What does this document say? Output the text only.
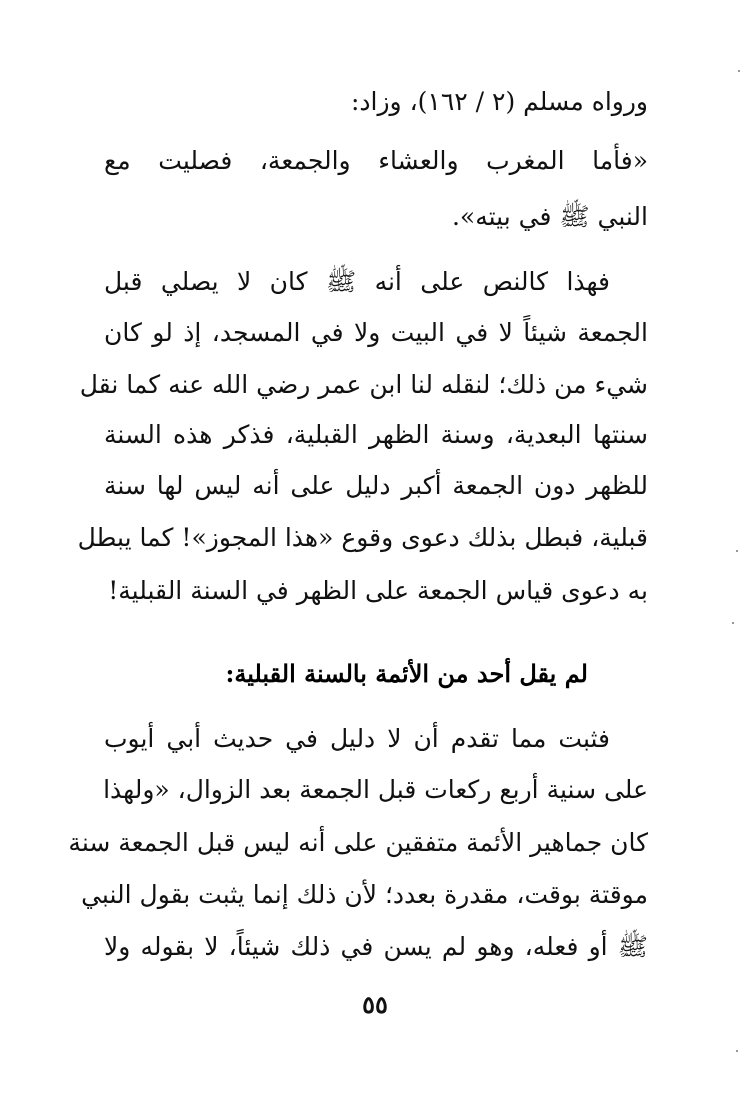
ورواه مسلم (٢ / ١٦٢)، وزاد:
«فأما المغرب والعشاء والجمعة، فصليت مع
النبي ﷺ في بيته».
فهذا كالنص على أنه ﷺ كان لا يصلي قبل
الجمعة شيئاً لا في البيت ولا في المسجد، إذ لو كان
شيء من ذلك؛ لنقله لنا ابن عمر رضي الله عنه كما نقل
سنتها البعدية، وسنة الظهر القبلية، فذكر هذه السنة
للظهر دون الجمعة أكبر دليل على أنه ليس لها سنة
قبلية، فبطل بذلك دعوى وقوع «هذا المجوز»! كما يبطل
به دعوى قياس الجمعة على الظهر في السنة القبلية!
لم يقل أحد من الأئمة بالسنة القبلية:
فثبت مما تقدم أن لا دليل في حديث أبي أيوب
على سنية أربع ركعات قبل الجمعة بعد الزوال، «ولهذا
كان جماهير الأئمة متفقين على أنه ليس قبل الجمعة سنة
موقتة بوقت، مقدرة بعدد؛ لأن ذلك إنما يثبت بقول النبي
ﷺ أو فعله، وهو لم يسن في ذلك شيئاً، لا بقوله ولا
٥٥
